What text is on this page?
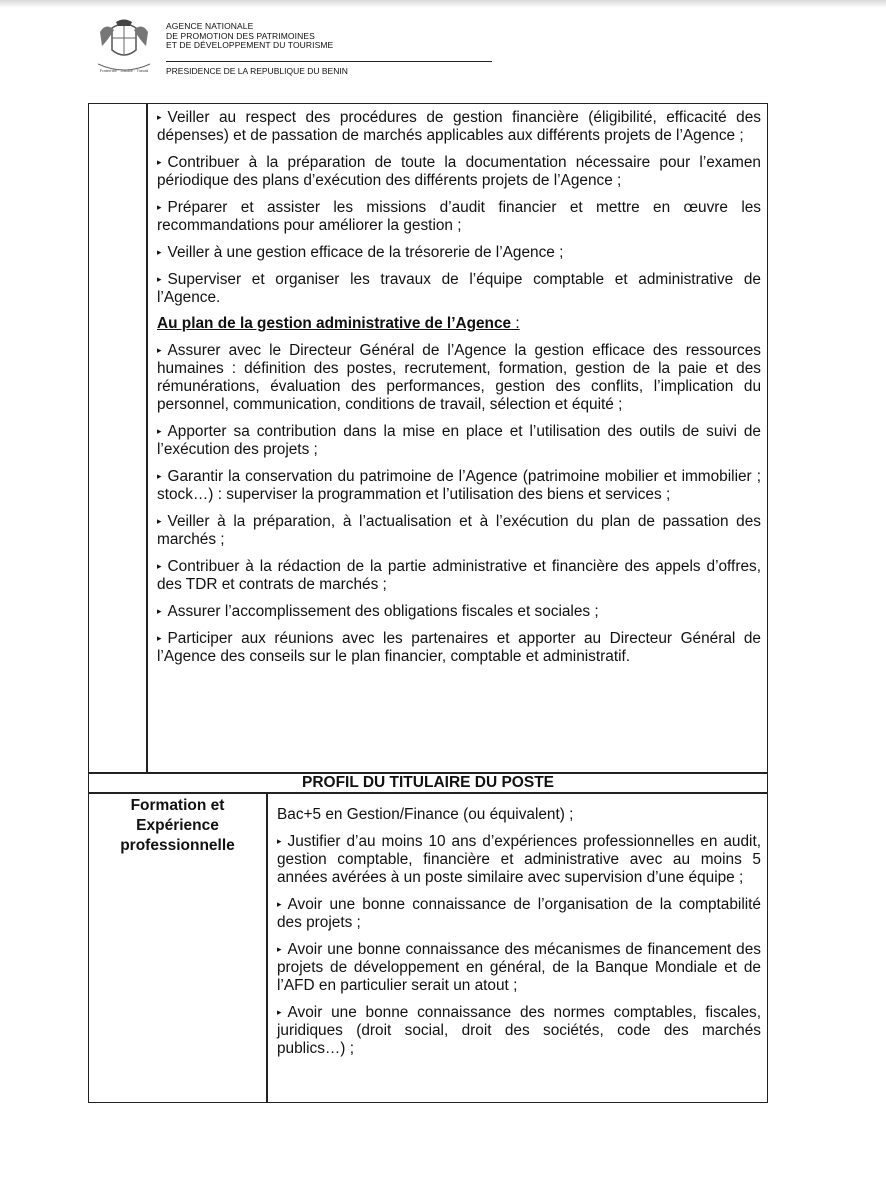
Fraternité · Justice · Travail
AGENCE NATIONALE
DE PROMOTION DES PATRIMOINES
ET DE DÉVELOPPEMENT DU TOURISME
PRESIDENCE DE LA REPUBLIQUE DU BENIN

▸ Veiller au respect des procédures de gestion financière (éligibilité, efficacité des dépenses) et de passation de marchés applicables aux différents projets de l’Agence ;

▸ Contribuer à la préparation de toute la documentation nécessaire pour l’examen périodique des plans d’exécution des différents projets de l’Agence ;

▸ Préparer et assister les missions d’audit financier et mettre en œuvre les recommandations pour améliorer la gestion ;

▸ Veiller à une gestion efficace de la trésorerie de l’Agence ;

▸ Superviser et organiser les travaux de l’équipe comptable et administrative de l’Agence.

Au plan de la gestion administrative de l’Agence :

▸ Assurer avec le Directeur Général de l’Agence la gestion efficace des ressources humaines : définition des postes, recrutement, formation, gestion de la paie et des rémunérations, évaluation des performances, gestion des conflits, l’implication du personnel, communication, conditions de travail, sélection et équité ;

▸ Apporter sa contribution dans la mise en place et l’utilisation des outils de suivi de l’exécution des projets ;

▸ Garantir la conservation du patrimoine de l’Agence (patrimoine mobilier et immobilier ; stock…) : superviser la programmation et l’utilisation des biens et services ;

▸ Veiller à la préparation, à l’actualisation et à l’exécution du plan de passation des marchés ;

▸ Contribuer à la rédaction de la partie administrative et financière des appels d’offres, des TDR et contrats de marchés ;

▸ Assurer l’accomplissement des obligations fiscales et sociales ;

▸ Participer aux réunions avec les partenaires et apporter au Directeur Général de l’Agence des conseils sur le plan financier, comptable et administratif.

PROFIL DU TITULAIRE DU POSTE
Formation et Expérience professionnelle

Bac+5 en Gestion/Finance (ou équivalent) ;

▸ Justifier d’au moins 10 ans d’expériences professionnelles en audit, gestion comptable, financière et administrative avec au moins 5 années avérées à un poste similaire avec supervision d’une équipe ;

▸ Avoir une bonne connaissance de l’organisation de la comptabilité des projets ;

▸ Avoir une bonne connaissance des mécanismes de financement des projets de développement en général, de la Banque Mondiale et de l’AFD en particulier serait un atout ;

▸ Avoir une bonne connaissance des normes comptables, fiscales, juridiques (droit social, droit des sociétés, code des marchés publics…) ;
